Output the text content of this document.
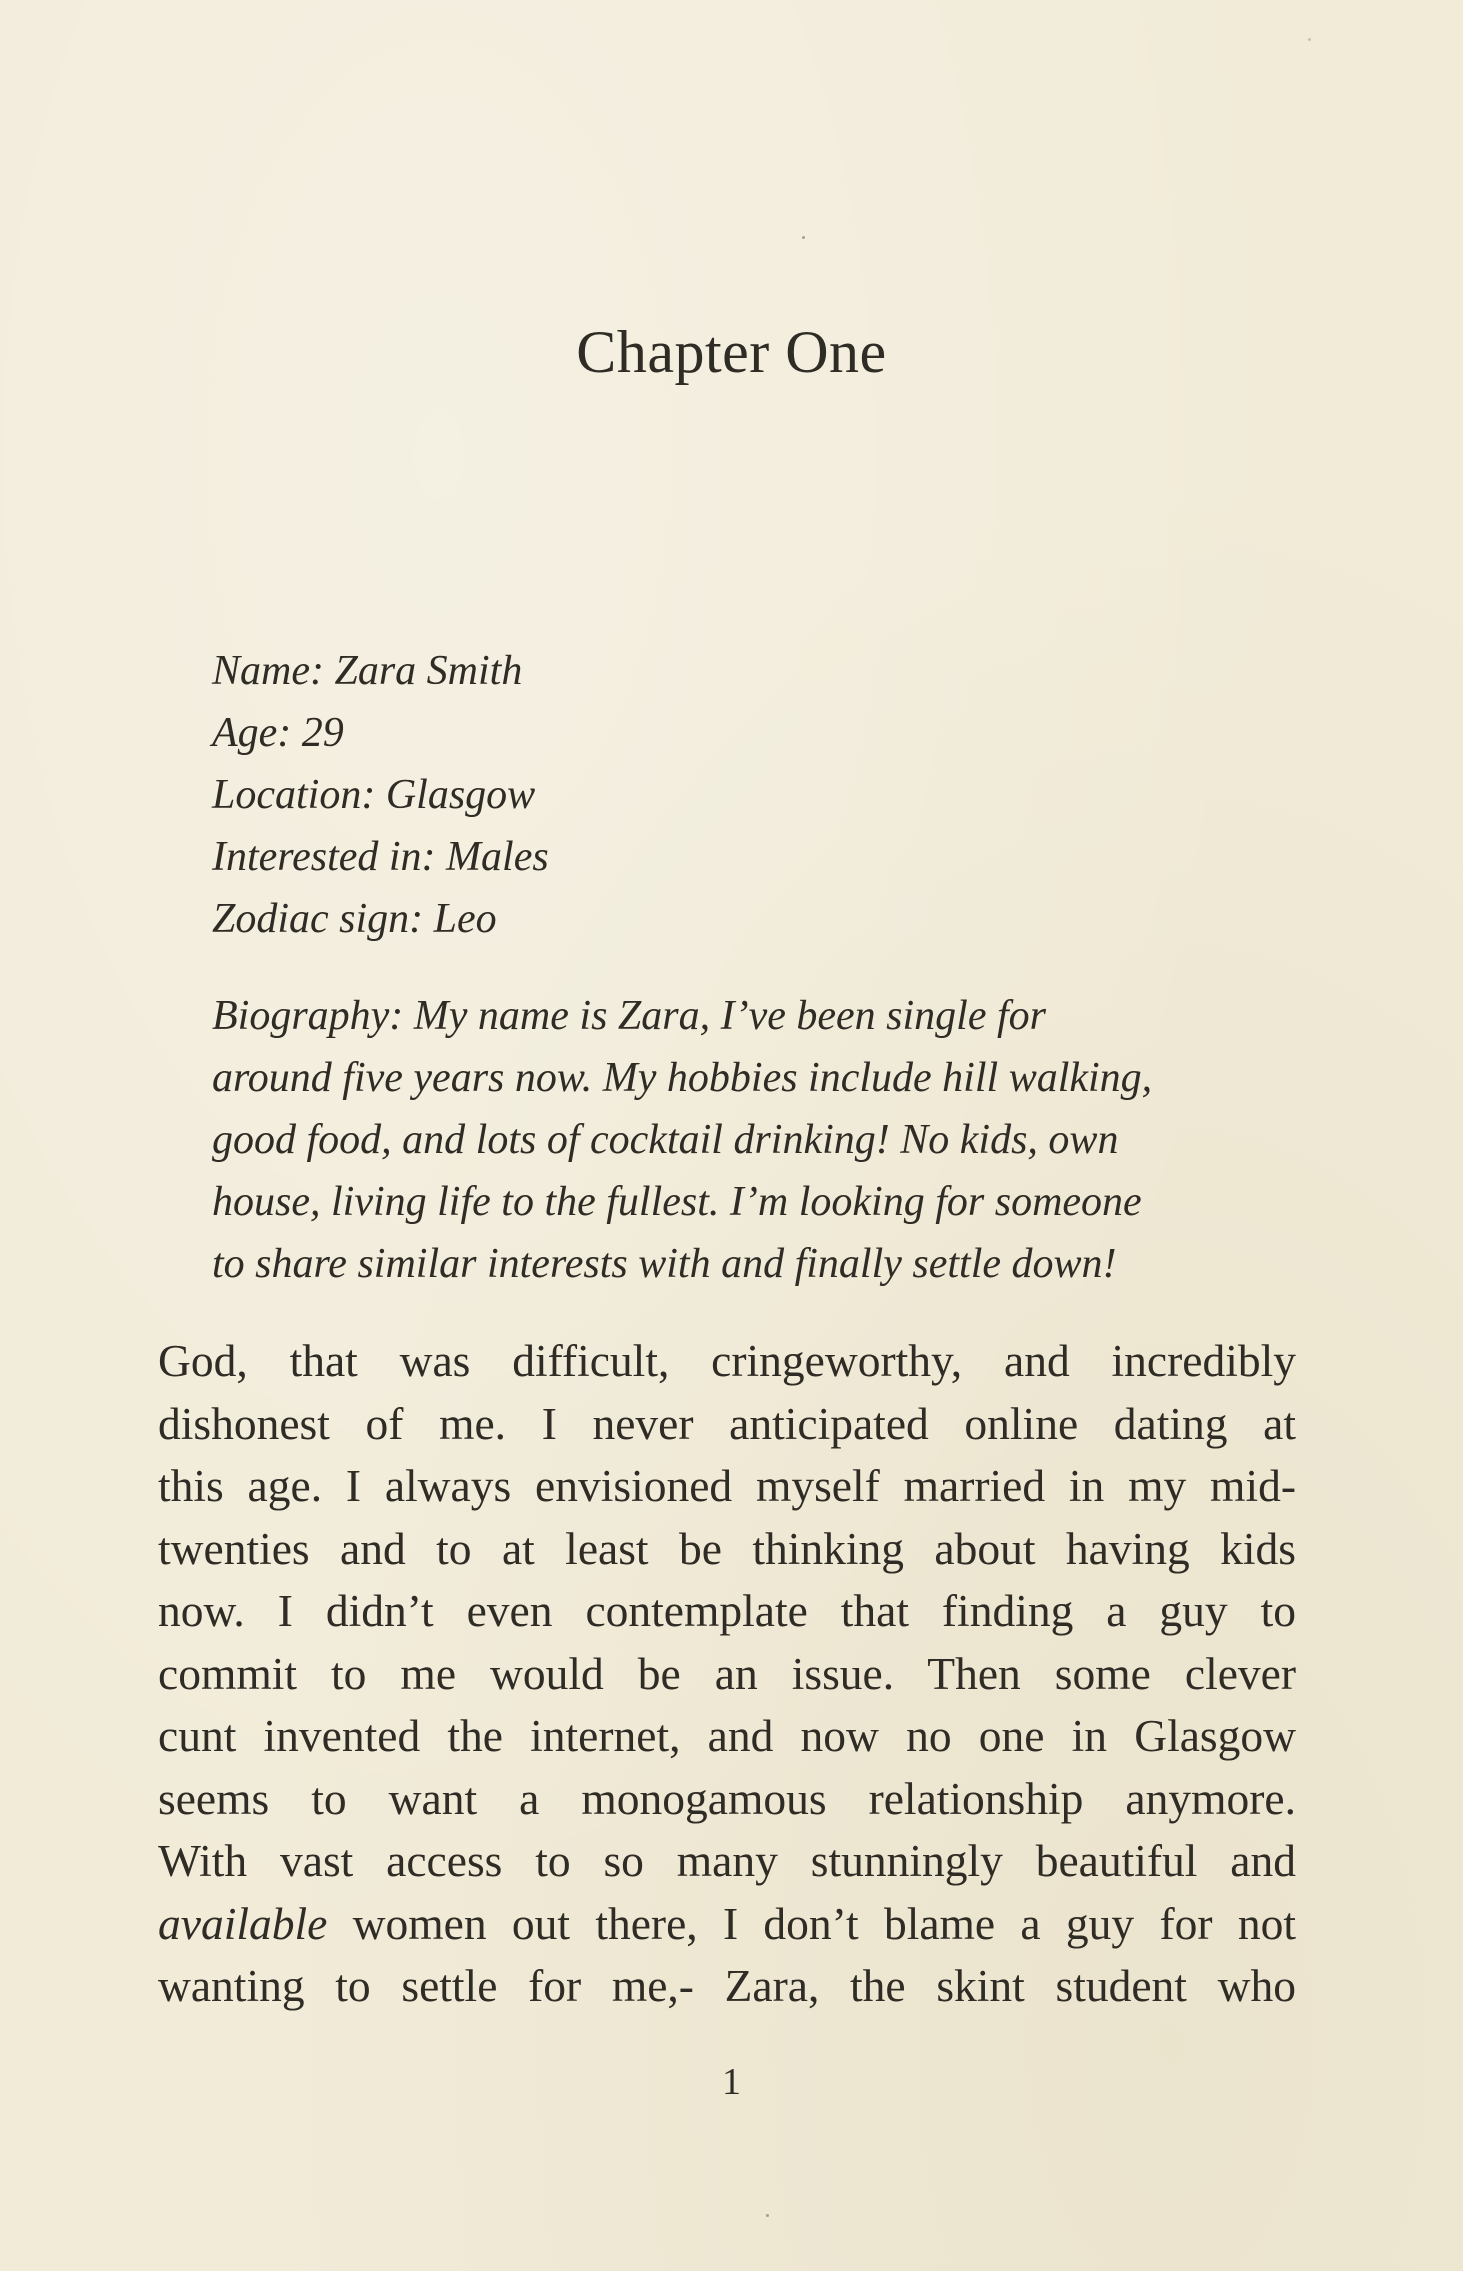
Chapter One
Name: Zara Smith
Age: 29
Location: Glasgow
Interested in: Males
Zodiac sign: Leo
Biography: My name is Zara, I’ve been single for
around five years now. My hobbies include hill walking,
good food, and lots of cocktail drinking! No kids, own
house, living life to the fullest. I’m looking for someone
to share similar interests with and finally settle down!
God, that was difficult, cringeworthy, and incredibly
dishonest of me. I never anticipated online dating at
this age. I always envisioned myself married in my mid-
twenties and to at least be thinking about having kids
now. I didn’t even contemplate that finding a guy to
commit to me would be an issue. Then some clever
cunt invented the internet, and now no one in Glasgow
seems to want a monogamous relationship anymore.
With vast access to so many stunningly beautiful and
available women out there, I don’t blame a guy for not
wanting to settle for me,- Zara, the skint student who
1
